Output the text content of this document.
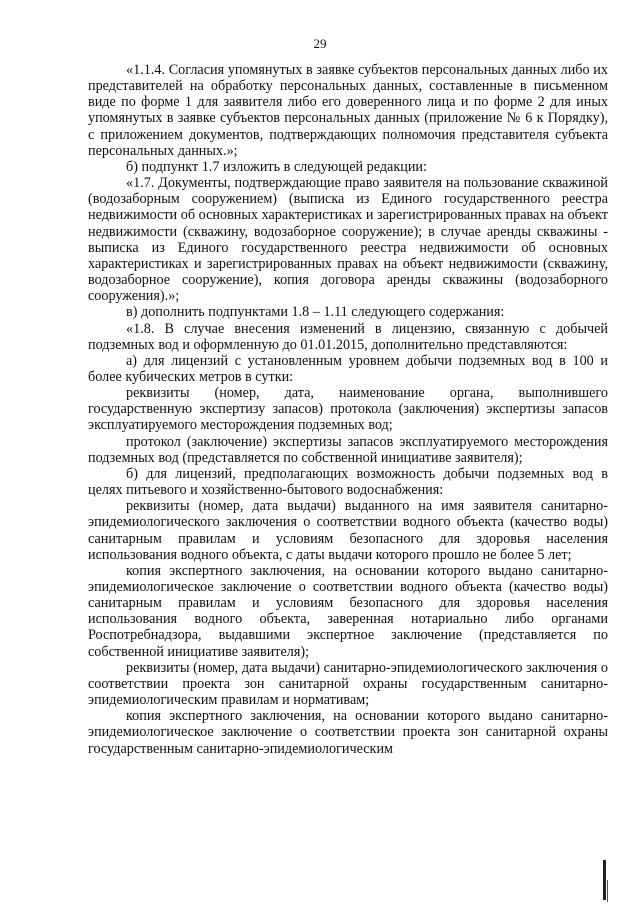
29

«1.1.4. Согласия упомянутых в заявке субъектов персональных данных либо их представителей на обработку персональных данных, составленные в письменном виде по форме 1 для заявителя либо его доверенного лица и по форме 2 для иных упомянутых в заявке субъектов персональных данных (приложение № 6 к Порядку), с приложением документов, подтверждающих полномочия представителя субъекта персональных данных.»;

б) подпункт 1.7 изложить в следующей редакции:

«1.7. Документы, подтверждающие право заявителя на пользование скважиной (водозаборным сооружением) (выписка из Единого государственного реестра недвижимости об основных характеристиках и зарегистрированных правах на объект недвижимости (скважину, водозаборное сооружение); в случае аренды скважины - выписка из Единого государственного реестра недвижимости об основных характеристиках и зарегистрированных правах на объект недвижимости (скважину, водозаборное сооружение), копия договора аренды скважины (водозаборного сооружения).»;

в) дополнить подпунктами 1.8 – 1.11 следующего содержания:

«1.8. В случае внесения изменений в лицензию, связанную с добычей подземных вод и оформленную до 01.01.2015, дополнительно представляются:

а) для лицензий с установленным уровнем добычи подземных вод в 100 и более кубических метров в сутки:

реквизиты (номер, дата, наименование органа, выполнившего государственную экспертизу запасов) протокола (заключения) экспертизы запасов эксплуатируемого месторождения подземных вод;

протокол (заключение) экспертизы запасов эксплуатируемого месторождения подземных вод (представляется по собственной инициативе заявителя);

б) для лицензий, предполагающих возможность добычи подземных вод в целях питьевого и хозяйственно-бытового водоснабжения:

реквизиты (номер, дата выдачи) выданного на имя заявителя санитарно-эпидемиологического заключения о соответствии водного объекта (качество воды) санитарным правилам и условиям безопасного для здоровья населения использования водного объекта, с даты выдачи которого прошло не более 5 лет;

копия экспертного заключения, на основании которого выдано санитарно-эпидемиологическое заключение о соответствии водного объекта (качество воды) санитарным правилам и условиям безопасного для здоровья населения использования водного объекта, заверенная нотариально либо органами Роспотребнадзора, выдавшими экспертное заключение (представляется по собственной инициативе заявителя);

реквизиты (номер, дата выдачи) санитарно-эпидемиологического заключения о соответствии проекта зон санитарной охраны государственным санитарно-эпидемиологическим правилам и нормативам;

копия экспертного заключения, на основании которого выдано санитарно-эпидемиологическое заключение о соответствии проекта зон санитарной охраны государственным санитарно-эпидемиологическим
